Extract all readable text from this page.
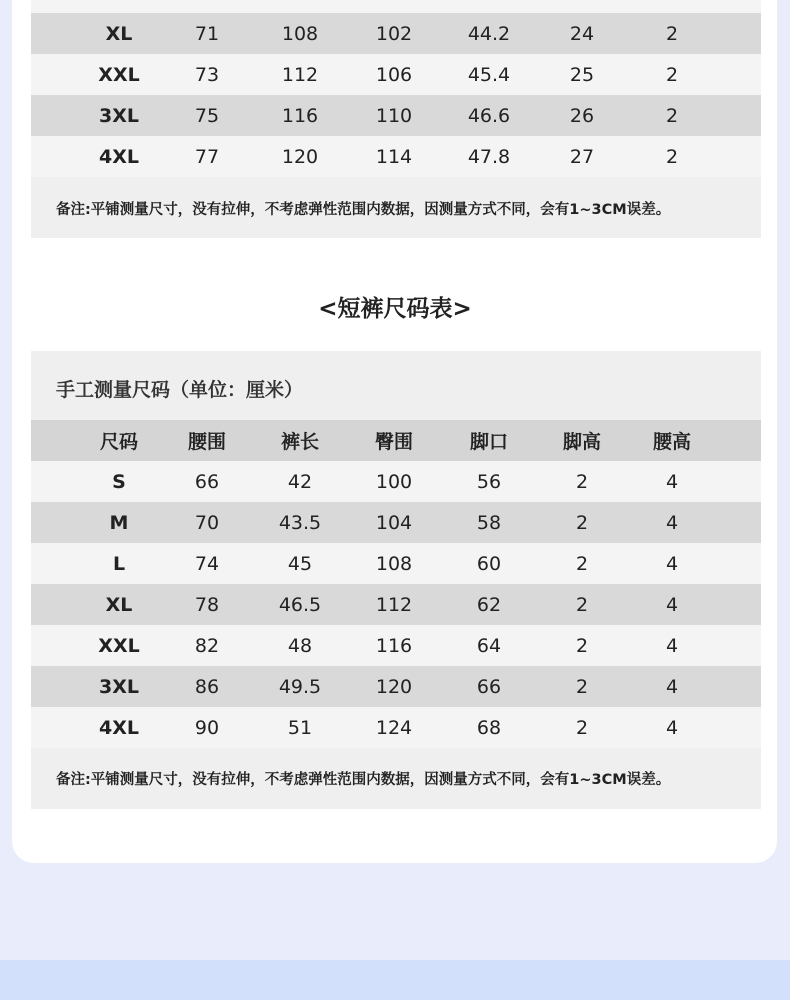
XL	71	108	102	44.2	24	2
XXL	73	112	106	45.4	25	2
3XL	75	116	110	46.6	26	2
4XL	77	120	114	47.8	27	2
备注:平铺测量尺寸，没有拉伸，不考虑弹性范围内数据，因测量方式不同，会有1~3CM误差。
<短裤尺码表>
手工测量尺码（单位：厘米）
尺码	腰围	裤长	臀围	脚口	脚高	腰高
S	66	42	100	56	2	4
M	70	43.5	104	58	2	4
L	74	45	108	60	2	4
XL	78	46.5	112	62	2	4
XXL	82	48	116	64	2	4
3XL	86	49.5	120	66	2	4
4XL	90	51	124	68	2	4
备注:平铺测量尺寸，没有拉伸，不考虑弹性范围内数据，因测量方式不同，会有1~3CM误差。
